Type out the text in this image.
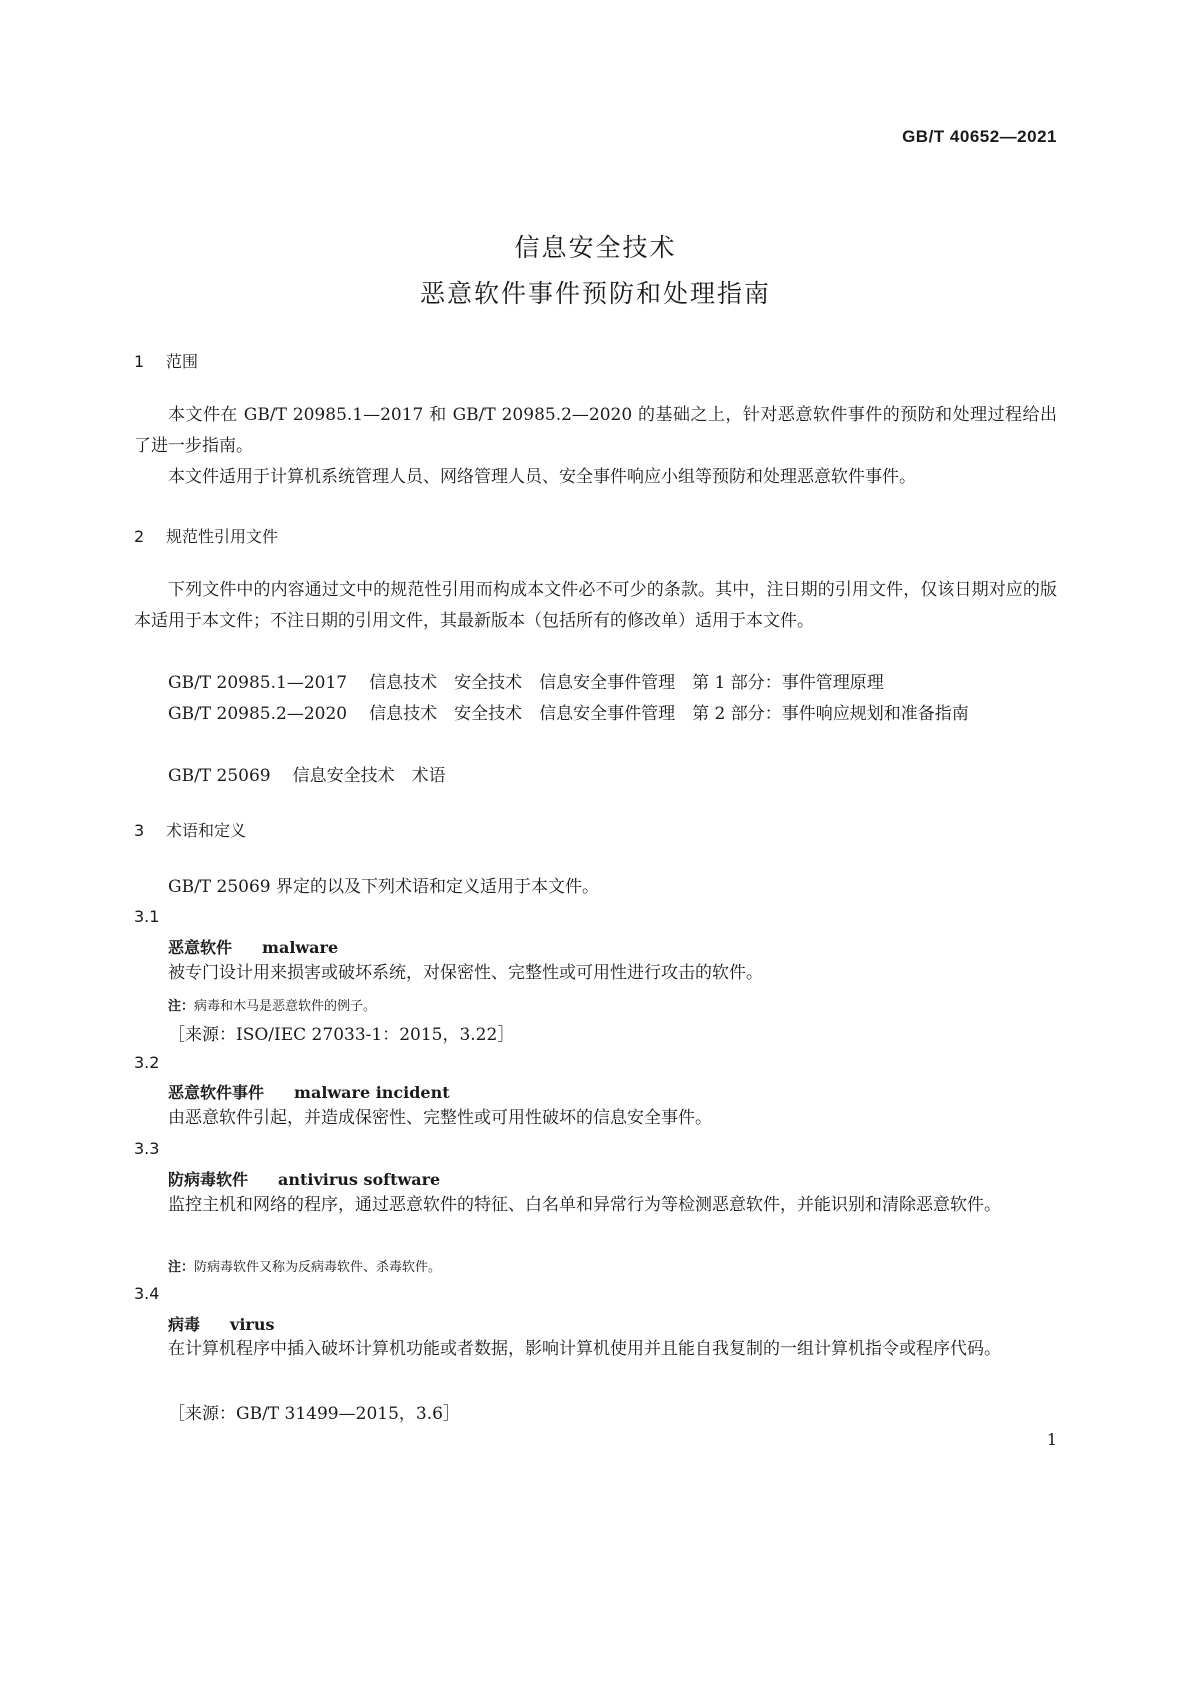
GB/T 40652—2021
信息安全技术
恶意软件事件预防和处理指南
1 范围

本文件在 GB/T 20985.1—2017 和 GB/T 20985.2—2020 的基础之上，针对恶意软件事件的预防和处理过程给出了进一步指南。

本文件适用于计算机系统管理人员、网络管理人员、安全事件响应小组等预防和处理恶意软件事件。

2 规范性引用文件

下列文件中的内容通过文中的规范性引用而构成本文件必不可少的条款。其中，注日期的引用文件，仅该日期对应的版本适用于本文件；不注日期的引用文件，其最新版本（包括所有的修改单）适用于本文件。

GB/T 20985.1—2017 信息技术　安全技术　信息安全事件管理　第 1 部分：事件管理原理

GB/T 20985.2—2020 信息技术　安全技术　信息安全事件管理　第 2 部分：事件响应规划和准备指南

GB/T 25069 信息安全技术　术语

3 术语和定义

GB/T 25069 界定的以及下列术语和定义适用于本文件。

3.1
恶意软件 malware

被专门设计用来损害或破坏系统，对保密性、完整性或可用性进行攻击的软件。

注：病毒和木马是恶意软件的例子。
［来源：ISO/IEC 27033-1：2015，3.22］
3.2
恶意软件事件 malware incident

由恶意软件引起，并造成保密性、完整性或可用性破坏的信息安全事件。

3.3
防病毒软件 antivirus software

监控主机和网络的程序，通过恶意软件的特征、白名单和异常行为等检测恶意软件，并能识别和清除恶意软件。

注：防病毒软件又称为反病毒软件、杀毒软件。
3.4
病毒 virus

在计算机程序中插入破坏计算机功能或者数据，影响计算机使用并且能自我复制的一组计算机指令或程序代码。

［来源：GB/T 31499—2015，3.6］
1
